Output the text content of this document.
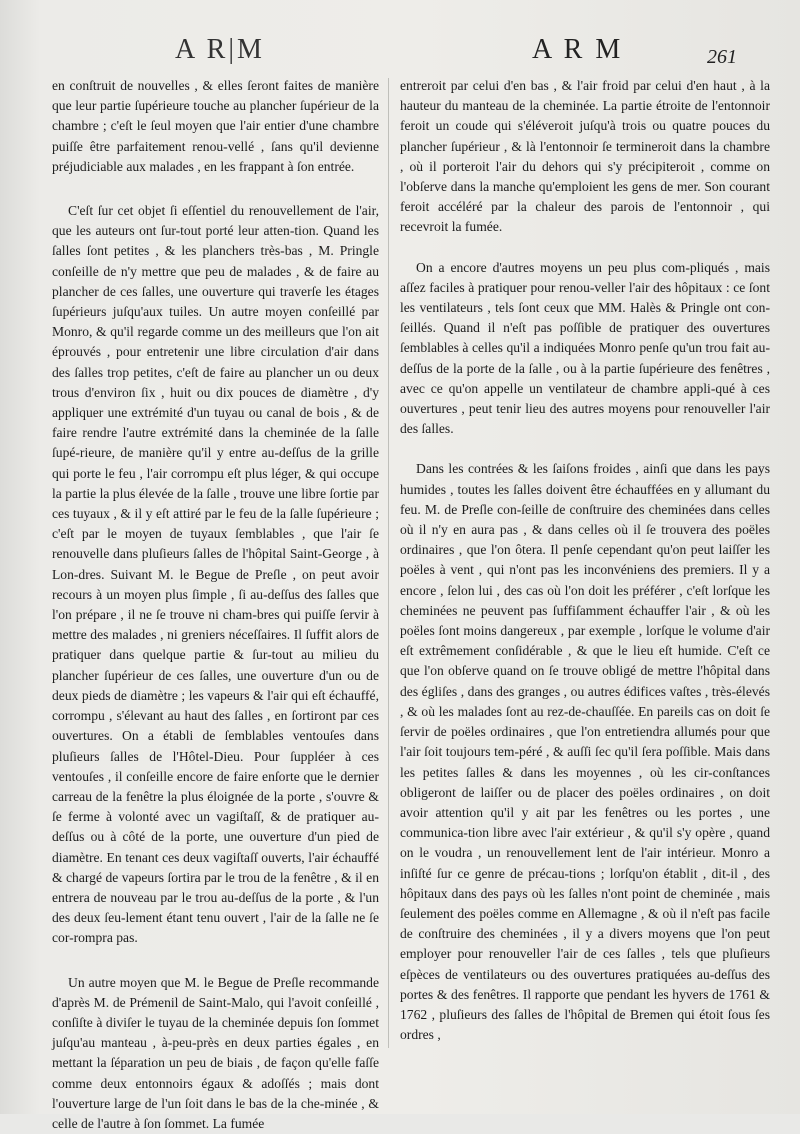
A R|M	A R M	261

en conſtruit de nouvelles , & elles ſeront faites de manière que leur partie ſupérieure touche au plancher ſupérieur de la chambre ; c'eſt le ſeul moyen que l'air entier d'une chambre puiſſe être parfaitement renou-vellé , ſans qu'il devienne préjudiciable aux malades , en les frappant à ſon entrée.

C'eſt ſur cet objet ſi eſſentiel du renouvellement de l'air, que les auteurs ont ſur-tout porté leur atten-tion. Quand les ſalles ſont petites , & les planchers très-bas , M. Pringle conſeille de n'y mettre que peu de malades , & de faire au plancher de ces ſalles, une ouverture qui traverſe les étages ſupérieurs juſqu'aux tuiles. Un autre moyen conſeillé par Monro, & qu'il regarde comme un des meilleurs que l'on ait éprouvés , pour entretenir une libre circulation d'air dans des ſalles trop petites, c'eſt de faire au plancher un ou deux trous d'environ ſix , huit ou dix pouces de diamètre , d'y appliquer une extrémité d'un tuyau ou canal de bois , & de faire rendre l'autre extrémité dans la cheminée de la ſalle ſupé-rieure, de manière qu'il y entre au-deſſus de la grille qui porte le feu , l'air corrompu eſt plus léger, & qui occupe la partie la plus élevée de la ſalle , trouve une libre ſortie par ces tuyaux , & il y eſt attiré par le feu de la ſalle ſupérieure ; c'eſt par le moyen de tuyaux ſemblables , que l'air ſe renouvelle dans pluſieurs ſalles de l'hôpital Saint-George , à Lon-dres. Suivant M. le Begue de Preſle , on peut avoir recours à un moyen plus ſimple , ſi au-deſſus des ſalles que l'on prépare , il ne ſe trouve ni cham-bres qui puiſſe ſervir à mettre des malades , ni greniers néceſſaires. Il ſuffit alors de pratiquer dans quelque partie & ſur-tout au milieu du plancher ſupérieur de ces ſalles, une ouverture d'un ou de deux pieds de diamètre ; les vapeurs & l'air qui eſt échauffé, corrompu , s'élevant au haut des ſalles , en ſortiront par ces ouvertures. On a établi de ſemblables ventouſes dans pluſieurs ſalles de l'Hôtel-Dieu. Pour ſuppléer à ces ventouſes , il conſeille encore de faire enſorte que le dernier carreau de la fenêtre la plus éloignée de la porte , s'ouvre & ſe ferme à volonté avec un vagiſtaſſ, & de pratiquer au-deſſus ou à côté de la porte, une ouverture d'un pied de diamètre. En tenant ces deux vagiſtaſſ ouverts, l'air échauffé & chargé de vapeurs ſortira par le trou de la fenêtre , & il en entrera de nouveau par le trou au-deſſus de la porte , & l'un des deux ſeu-lement étant tenu ouvert , l'air de la ſalle ne ſe cor-rompra pas.

Un autre moyen que M. le Begue de Preſle recommande d'après M. de Prémenil de Saint-Malo, qui l'avoit conſeillé , conſiſte à diviſer le tuyau de la cheminée depuis ſon ſommet juſqu'au manteau , à-peu-près en deux parties égales , en mettant la ſéparation un peu de biais , de façon qu'elle faſſe comme deux entonnoirs égaux & adoſſés ; mais dont l'ouverture large de l'un ſoit dans le bas de la che-minée , & celle de l'autre à ſon ſommet. La fumée

entreroit par celui d'en bas , & l'air froid par celui d'en haut , à la hauteur du manteau de la cheminée. La partie étroite de l'entonnoir feroit un coude qui s'éléveroit juſqu'à trois ou quatre pouces du plancher ſupérieur , & là l'entonnoir ſe termineroit dans la chambre , où il porteroit l'air du dehors qui s'y précipiteroit , comme on l'obſerve dans la manche qu'emploient les gens de mer. Son courant feroit accéléré par la chaleur des parois de l'entonnoir , qui recevroit la fumée.

On a encore d'autres moyens un peu plus com-pliqués , mais aſſez faciles à pratiquer pour renou-veller l'air des hôpitaux : ce ſont les ventilateurs , tels ſont ceux que MM. Halès & Pringle ont con-ſeillés. Quand il n'eſt pas poſſible de pratiquer des ouvertures ſemblables à celles qu'il a indiquées Monro penſe qu'un trou fait au-deſſus de la porte de la ſalle , ou à la partie ſupérieure des fenêtres , avec ce qu'on appelle un ventilateur de chambre appli-qué à ces ouvertures , peut tenir lieu des autres moyens pour renouveller l'air des ſalles.

Dans les contrées & les ſaiſons froides , ainſi que dans les pays humides , toutes les ſalles doivent être échauffées en y allumant du feu. M. de Preſle con-ſeille de conſtruire des cheminées dans celles où il n'y en aura pas , & dans celles où il ſe trouvera des poëles ordinaires , que l'on ôtera. Il penſe cependant qu'on peut laiſſer les poëles à vent , qui n'ont pas les inconvéniens des premiers. Il y a encore , ſelon lui , des cas où l'on doit les préférer , c'eſt lorſque les cheminées ne peuvent pas ſuffiſamment échauffer l'air , & où les poëles ſont moins dangereux , par exemple , lorſque le volume d'air eſt extrêmement conſidérable , & que le lieu eſt humide. C'eſt ce que l'on obſerve quand on ſe trouve obligé de mettre l'hôpital dans des égliſes , dans des granges , ou autres édifices vaſtes , très-élevés , & où les malades ſont au rez-de-chauſſée. En pareils cas on doit ſe ſervir de poëles ordinaires , que l'on entretiendra allumés pour que l'air ſoit toujours tem-péré , & auſſi ſec qu'il ſera poſſible. Mais dans les petites ſalles & dans les moyennes , où les cir-conſtances obligeront de laiſſer ou de placer des poëles ordinaires , on doit avoir attention qu'il y ait par les fenêtres ou les portes , une communica-tion libre avec l'air extérieur , & qu'il s'y opère , quand on le voudra , un renouvellement lent de l'air intérieur. Monro a inſiſté ſur ce genre de précau-tions ; lorſqu'on établit , dit-il , des hôpitaux dans des pays où les ſalles n'ont point de cheminée , mais ſeulement des poëles comme en Allemagne , & où il n'eſt pas facile de conſtruire des cheminées , il y a divers moyens que l'on peut employer pour renouveller l'air de ces ſalles , tels que pluſieurs eſpèces de ventilateurs ou des ouvertures pratiquées au-deſſus des portes & des fenêtres. Il rapporte que pendant les hyvers de 1761 & 1762 , pluſieurs des ſalles de l'hôpital de Bremen qui étoit ſous ſes ordres ,
